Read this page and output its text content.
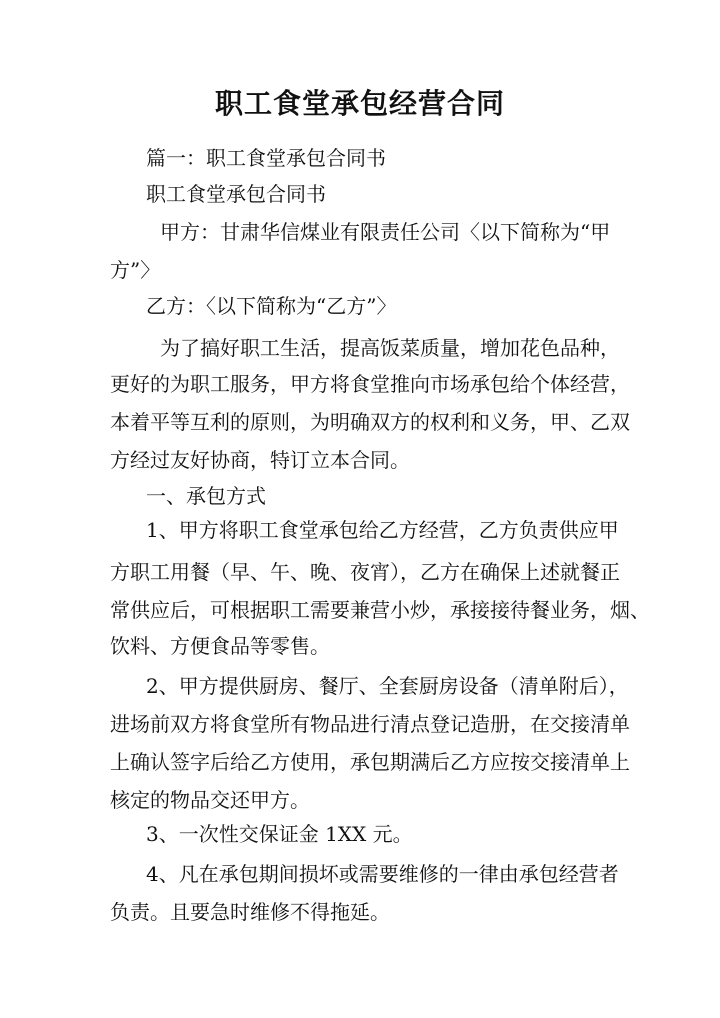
职工食堂承包经营合同
篇一：职工食堂承包合同书
职工食堂承包合同书
甲方：甘肃华信煤业有限责任公司〈以下简称为“甲
方”〉
乙方：〈以下简称为“乙方”〉
为了搞好职工生活，提高饭菜质量，增加花色品种，
更好的为职工服务，甲方将食堂推向市场承包给个体经营，
本着平等互利的原则，为明确双方的权利和义务，甲、乙双
方经过友好协商，特订立本合同。
一、承包方式
1、甲方将职工食堂承包给乙方经营，乙方负责供应甲
方职工用餐（早、午、晚、夜宵），乙方在确保上述就餐正
常供应后，可根据职工需要兼营小炒，承接接待餐业务，烟、
饮料、方便食品等零售。
2、甲方提供厨房、餐厅、全套厨房设备（清单附后），
进场前双方将食堂所有物品进行清点登记造册，在交接清单
上确认签字后给乙方使用，承包期满后乙方应按交接清单上
核定的物品交还甲方。
3、一次性交保证金 1XX 元。
4、凡在承包期间损坏或需要维修的一律由承包经营者
负责。且要急时维修不得拖延。
